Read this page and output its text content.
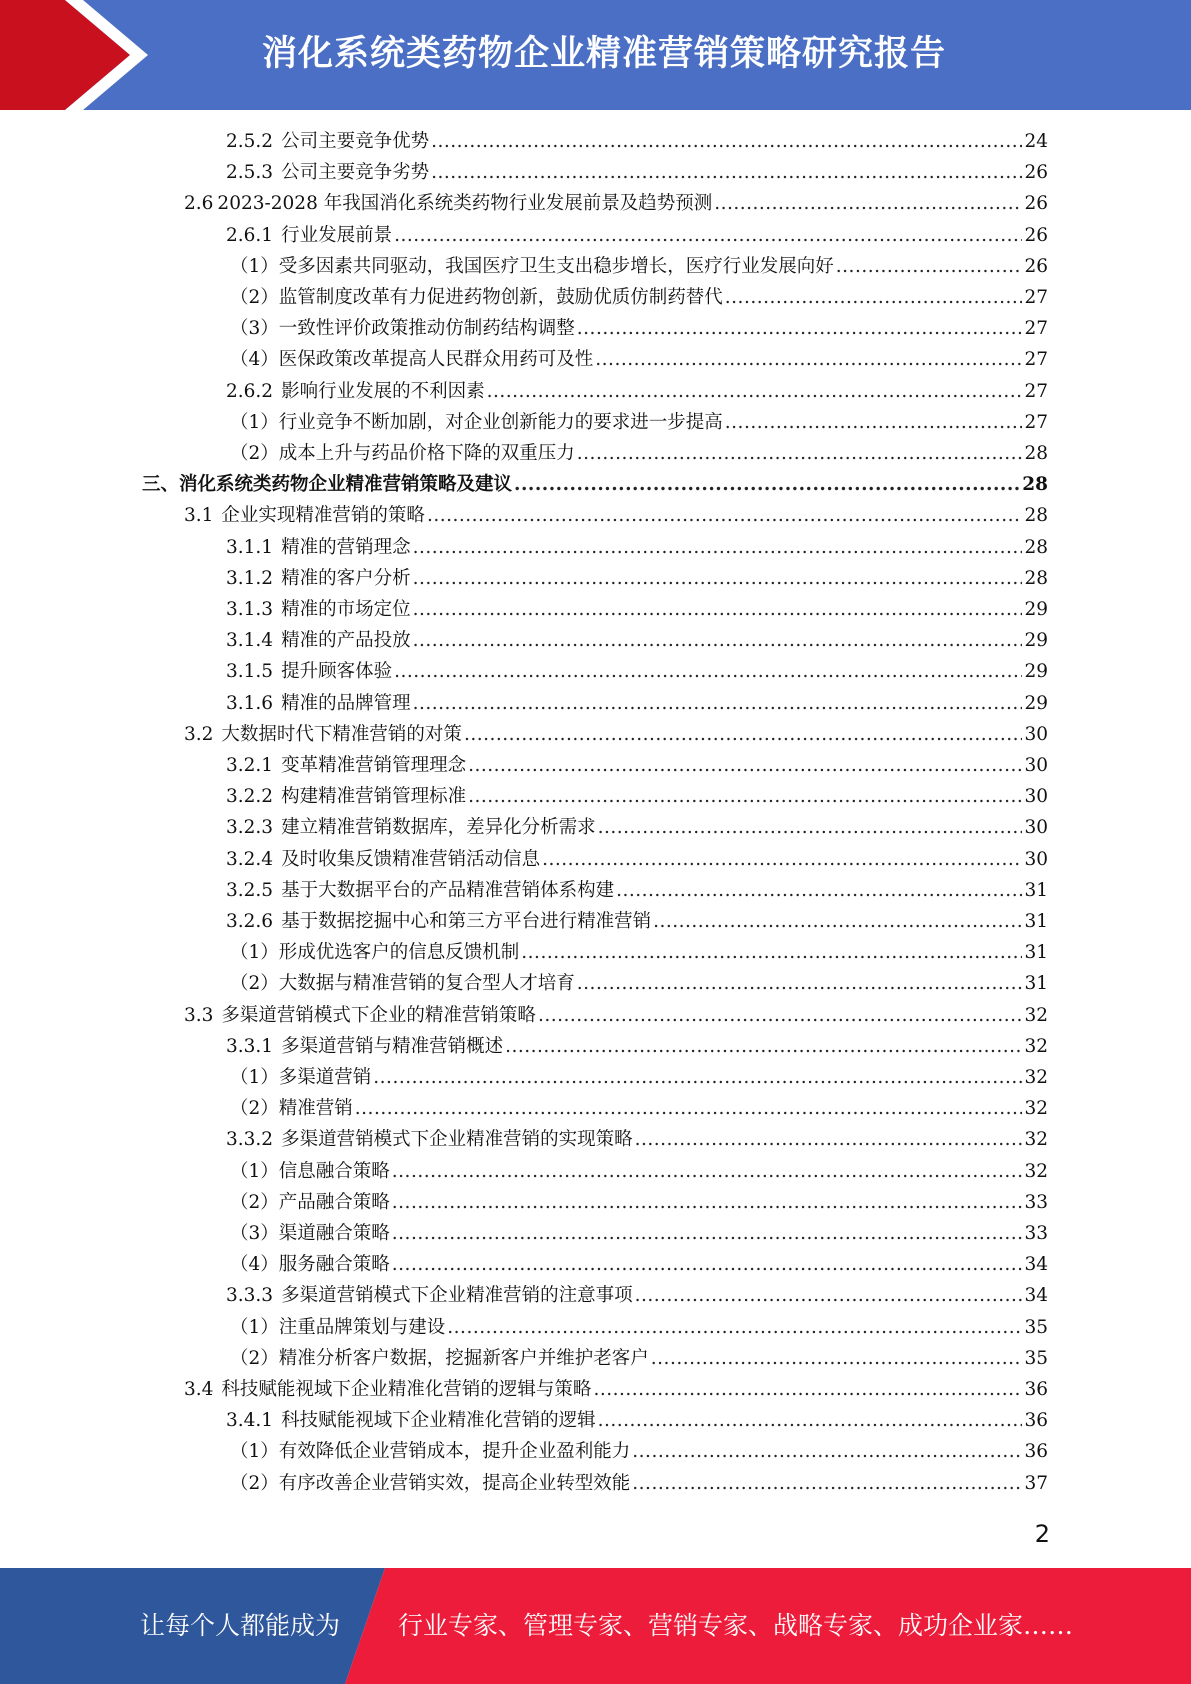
消化系统类药物企业精准营销策略研究报告
2.5.2 公司主要竞争优势 .....	24
2.5.3 公司主要竞争劣势 .....	26
2.6 2023-2028 年我国消化系统类药物行业发展前景及趋势预测 .....	26
2.6.1 行业发展前景 .....	26
（1） 受多因素共同驱动，我国医疗卫生支出稳步增长，医疗行业发展向好 .....	26
（2） 监管制度改革有力促进药物创新，鼓励优质仿制药替代 .....	27
（3） 一致性评价政策推动仿制药结构调整 .....	27
（4） 医保政策改革提高人民群众用药可及性 .....	27
2.6.2 影响行业发展的不利因素 .....	27
（1） 行业竞争不断加剧，对企业创新能力的要求进一步提高 .....	27
（2） 成本上升与药品价格下降的双重压力 .....	28
三、 消化系统类药物企业精准营销策略及建议 .....	28
3.1 企业实现精准营销的策略 .....	28
3.1.1 精准的营销理念 .....	28
3.1.2 精准的客户分析 .....	28
3.1.3 精准的市场定位 .....	29
3.1.4 精准的产品投放 .....	29
3.1.5 提升顾客体验 .....	29
3.1.6 精准的品牌管理 .....	29
3.2 大数据时代下精准营销的对策 .....	30
3.2.1 变革精准营销管理理念 .....	30
3.2.2 构建精准营销管理标准 .....	30
3.2.3 建立精准营销数据库，差异化分析需求 .....	30
3.2.4 及时收集反馈精准营销活动信息 .....	30
3.2.5 基于大数据平台的产品精准营销体系构建 .....	31
3.2.6 基于数据挖掘中心和第三方平台进行精准营销 .....	31
（1） 形成优选客户的信息反馈机制 .....	31
（2） 大数据与精准营销的复合型人才培育 .....	31
3.3 多渠道营销模式下企业的精准营销策略 .....	32
3.3.1 多渠道营销与精准营销概述 .....	32
（1） 多渠道营销 .....	32
（2） 精准营销 .....	32
3.3.2 多渠道营销模式下企业精准营销的实现策略 .....	32
（1） 信息融合策略 .....	32
（2） 产品融合策略 .....	33
（3） 渠道融合策略 .....	33
（4） 服务融合策略 .....	34
3.3.3 多渠道营销模式下企业精准营销的注意事项 .....	34
（1） 注重品牌策划与建设 .....	35
（2） 精准分析客户数据，挖掘新客户并维护老客户 .....	35
3.4 科技赋能视域下企业精准化营销的逻辑与策略 .....	36
3.4.1 科技赋能视域下企业精准化营销的逻辑 .....	36
（1） 有效降低企业营销成本，提升企业盈利能力 .....	36
（2） 有序改善企业营销实效，提高企业转型效能 .....	37
2
让每个人都能成为 行业专家、管理专家、营销专家、战略专家、成功企业家……
